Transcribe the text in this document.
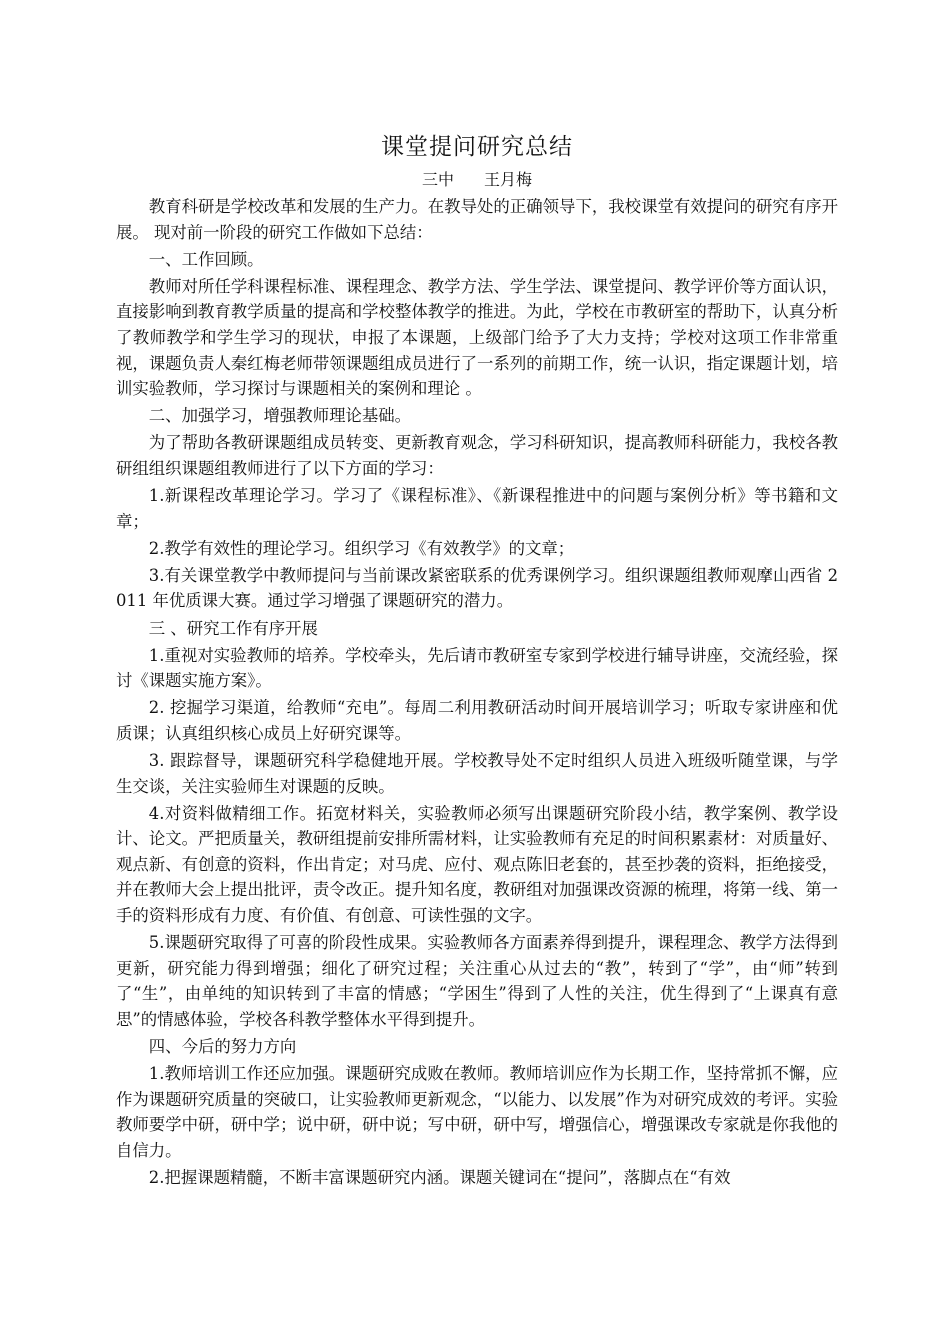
课堂提问研究总结
三中 王月梅

教育科研是学校改革和发展的生产力。在教导处的正确领导下，我校课堂有效提问的研究有序开展。 现对前一阶段的研究工作做如下总结：

一、工作回顾。

教师对所任学科课程标准、课程理念、教学方法、学生学法、课堂提问、教学评价等方面认识，直接影响到教育教学质量的提高和学校整体教学的推进。为此，学校在市教研室的帮助下，认真分析了教师教学和学生学习的现状，申报了本课题，上级部门给予了大力支持；学校对这项工作非常重视，课题负责人秦红梅老师带领课题组成员进行了一系列的前期工作，统一认识，指定课题计划，培训实验教师，学习探讨与课题相关的案例和理论 。

二、加强学习，增强教师理论基础。

为了帮助各教研课题组成员转变、更新教育观念，学习科研知识，提高教师科研能力，我校各教研组组织课题组教师进行了以下方面的学习：

1.新课程改革理论学习。学习了《课程标准》、《新课程推进中的问题与案例分析》等书籍和文章；

2.教学有效性的理论学习。组织学习《有效教学》的文章；

3.有关课堂教学中教师提问与当前课改紧密联系的优秀课例学习。组织课题组教师观摩山西省 2011 年优质课大赛。通过学习增强了课题研究的潜力。

三 、研究工作有序开展

1.重视对实验教师的培养。学校牵头，先后请市教研室专家到学校进行辅导讲座，交流经验，探讨《课题实施方案》。

2. 挖掘学习渠道，给教师“充电”。每周二利用教研活动时间开展培训学习；听取专家讲座和优质课；认真组织核心成员上好研究课等。

3. 跟踪督导，课题研究科学稳健地开展。学校教导处不定时组织人员进入班级听随堂课，与学生交谈，关注实验师生对课题的反映。

4.对资料做精细工作。拓宽材料关，实验教师必须写出课题研究阶段小结，教学案例、教学设计、论文。严把质量关，教研组提前安排所需材料，让实验教师有充足的时间积累素材：对质量好、观点新、有创意的资料，作出肯定；对马虎、应付、观点陈旧老套的，甚至抄袭的资料，拒绝接受，并在教师大会上提出批评，责令改正。提升知名度，教研组对加强课改资源的梳理，将第一线、第一手的资料形成有力度、有价值、有创意、可读性强的文字。

5.课题研究取得了可喜的阶段性成果。实验教师各方面素养得到提升，课程理念、教学方法得到更新，研究能力得到增强；细化了研究过程；关注重心从过去的“教”，转到了“学”，由“师”转到了“生”，由单纯的知识转到了丰富的情感；“学困生”得到了人性的关注，优生得到了“上课真有意思”的情感体验，学校各科教学整体水平得到提升。

四、今后的努力方向

1.教师培训工作还应加强。课题研究成败在教师。教师培训应作为长期工作，坚持常抓不懈，应作为课题研究质量的突破口，让实验教师更新观念，“以能力、以发展”作为对研究成效的考评。实验教师要学中研，研中学；说中研，研中说；写中研，研中写，增强信心，增强课改专家就是你我他的自信力。

2.把握课题精髓，不断丰富课题研究内涵。课题关键词在“提问”，落脚点在“有效
